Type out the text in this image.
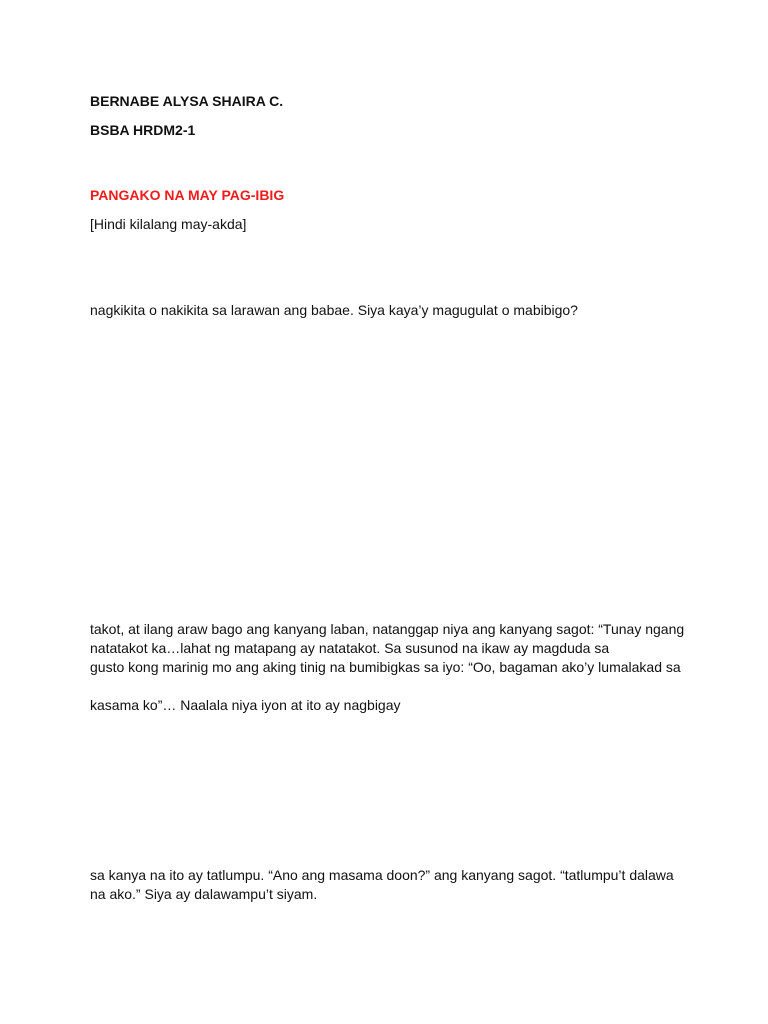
BERNABE ALYSA SHAIRA C.
BSBA HRDM2-1
PANGAKO NA MAY PAG-IBIG
[Hindi kilalang may-akda]
nagkikita o nakikita sa larawan ang babae. Siya kaya’y magugulat o mabibigo?
takot, at ilang araw bago ang kanyang laban, natanggap niya ang kanyang sagot: “Tunay ngang
natatakot ka…lahat ng matapang ay natatakot. Sa susunod na ikaw ay magduda sa
gusto kong marinig mo ang aking tinig na bumibigkas sa iyo: “Oo, bagaman ako’y lumalakad sa
kasama ko”… Naalala niya iyon at ito ay nagbigay
sa kanya na ito ay tatlumpu. “Ano ang masama doon?” ang kanyang sagot. “tatlumpu’t dalawa
na ako.” Siya ay dalawampu’t siyam.
